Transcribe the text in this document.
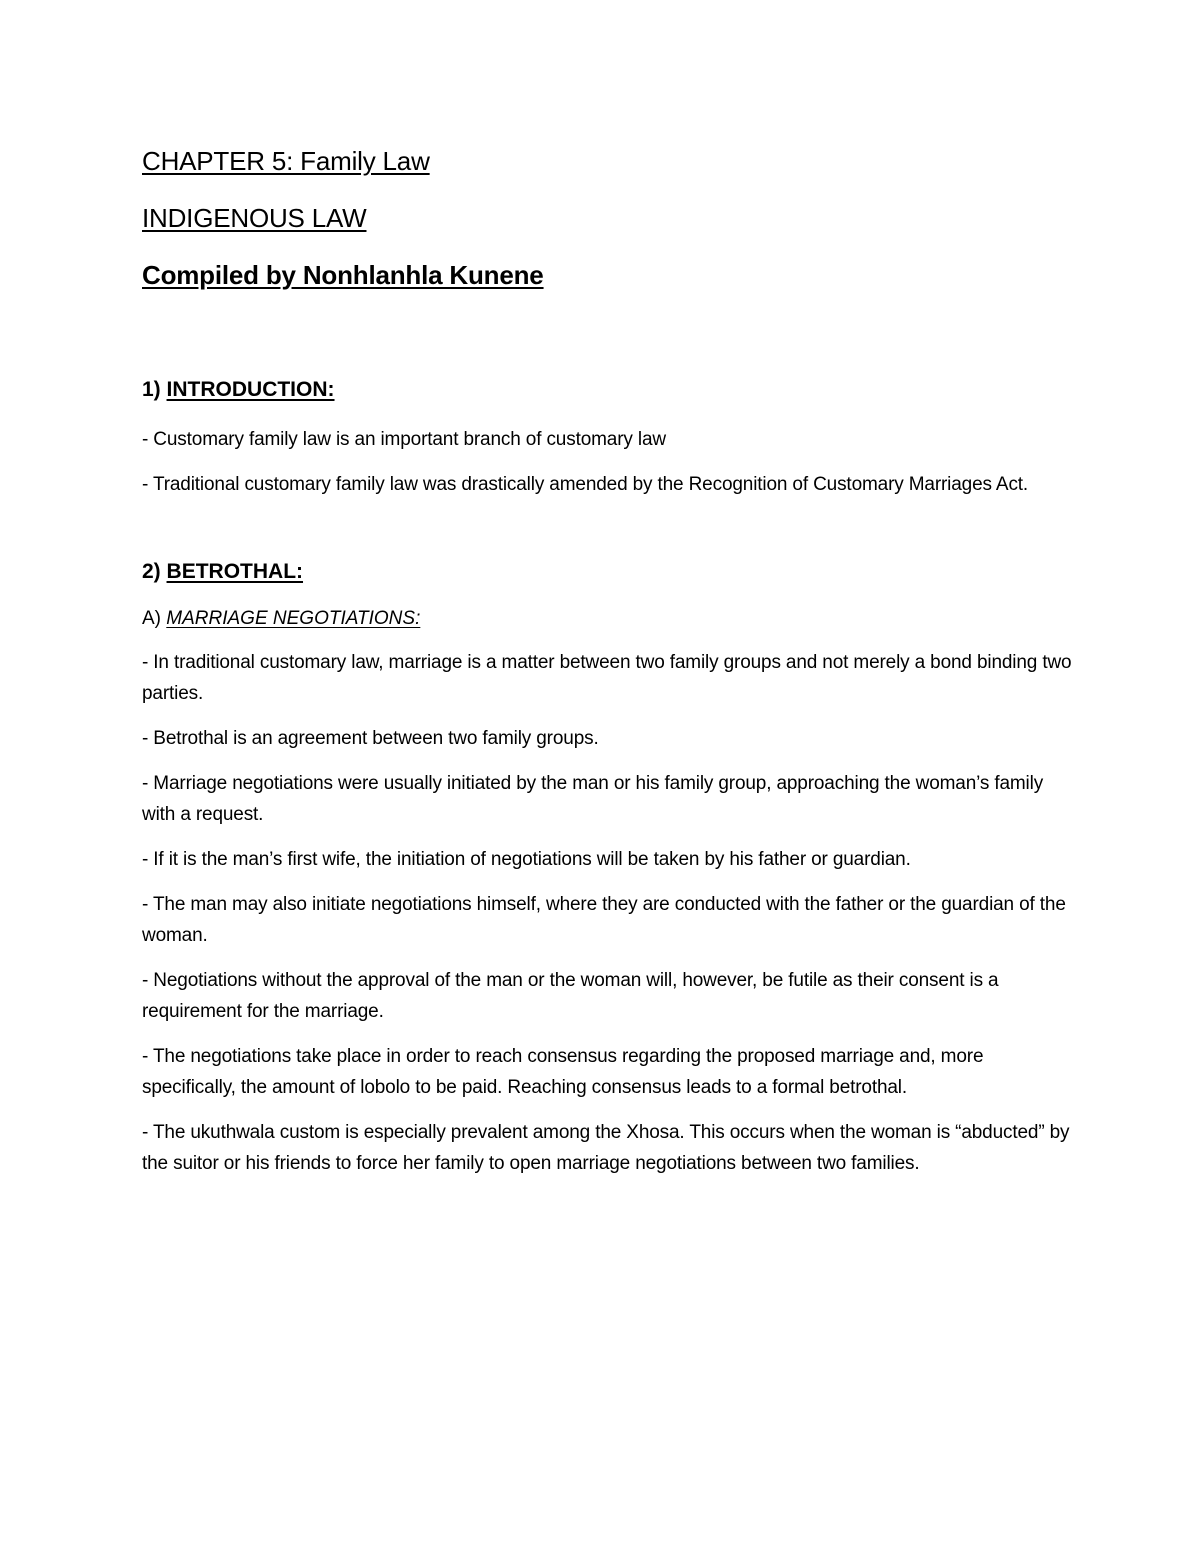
CHAPTER 5: Family Law
INDIGENOUS LAW
Compiled by Nonhlanhla Kunene
1) INTRODUCTION:
- Customary family law is an important branch of customary law
- Traditional customary family law was drastically amended by the Recognition of Customary Marriages Act.
2) BETROTHAL:
A) MARRIAGE NEGOTIATIONS:
- In traditional customary law, marriage is a matter between two family groups and not merely a bond binding two parties.
- Betrothal is an agreement between two family groups.
- Marriage negotiations were usually initiated by the man or his family group, approaching the woman’s family with a request.
- If it is the man’s first wife, the initiation of negotiations will be taken by his father or guardian.
- The man may also initiate negotiations himself, where they are conducted with the father or the guardian of the woman.
- Negotiations without the approval of the man or the woman will, however, be futile as their consent is a requirement for the marriage.
- The negotiations take place in order to reach consensus regarding the proposed marriage and, more specifically, the amount of lobolo to be paid. Reaching consensus leads to a formal betrothal.
- The ukuthwala custom is especially prevalent among the Xhosa. This occurs when the woman is “abducted” by the suitor or his friends to force her family to open marriage negotiations between two families.
